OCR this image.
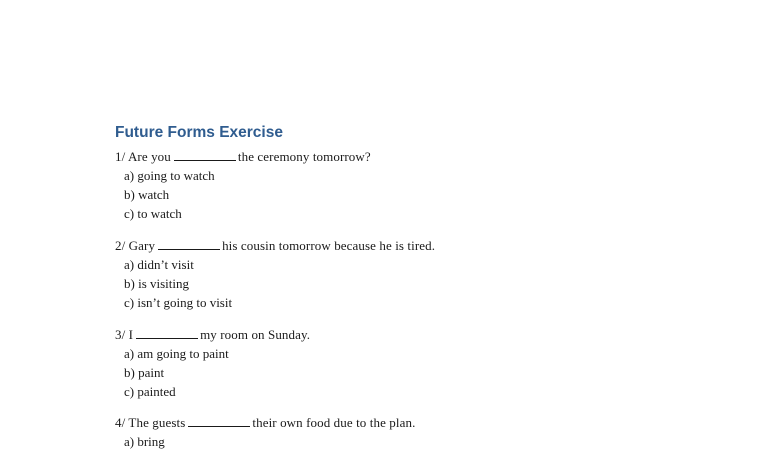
Future Forms Exercise
1/ Are you	the ceremony tomorrow?
a) going to watch
b) watch
c) to watch
2/ Gary	his cousin tomorrow because he is tired.
a) didn’t visit
b) is visiting
c) isn’t going to visit
3/ I	my room on Sunday.
a) am going to paint
b) paint
c) painted
4/ The guests	their own food due to the plan.
a) bring
